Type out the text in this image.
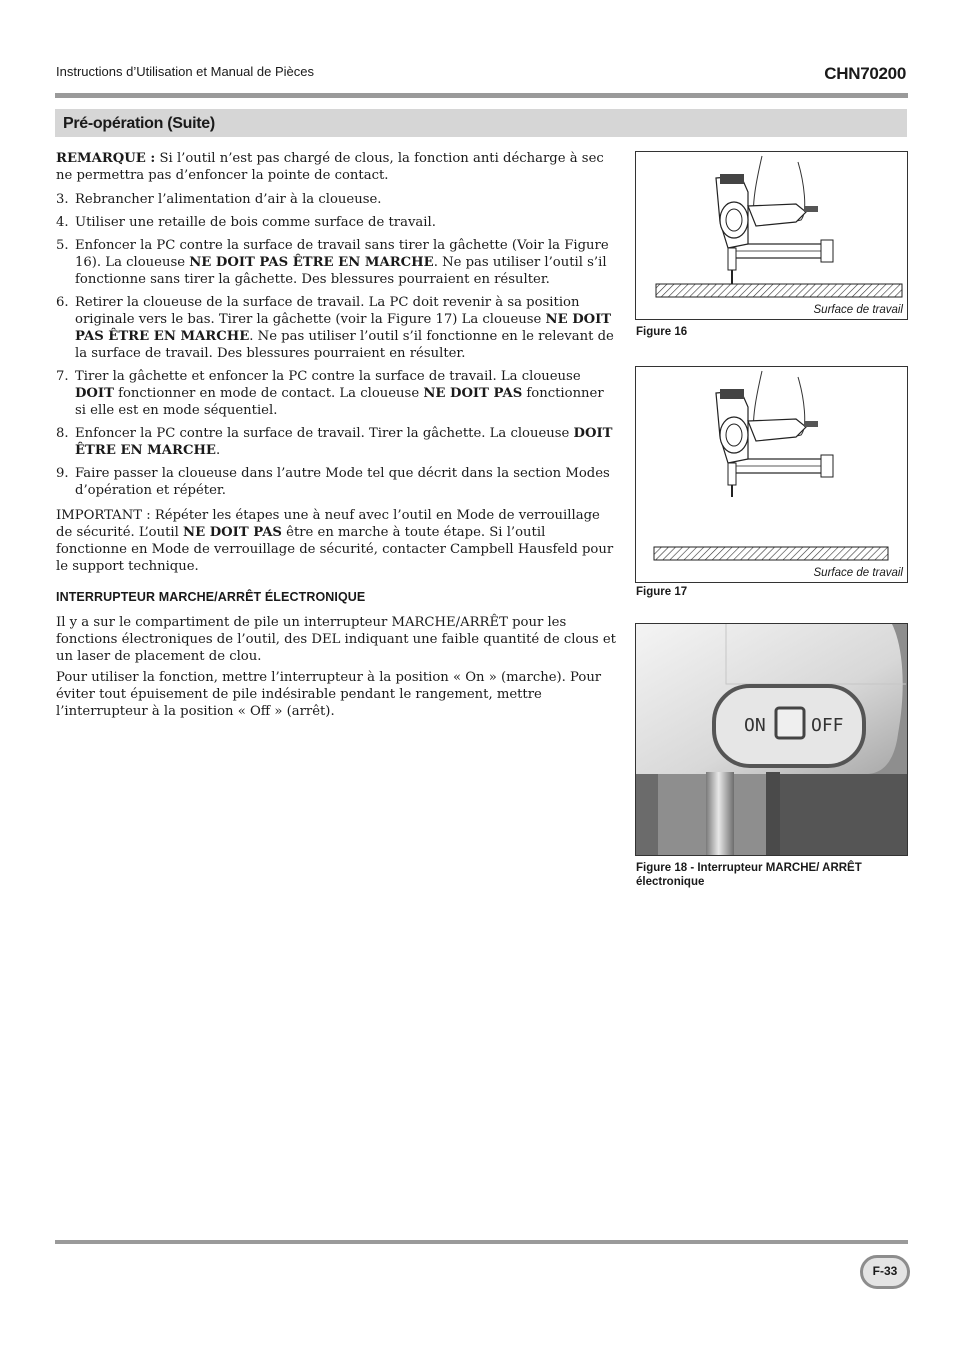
Instructions d’Utilisation et Manual de Pièces	CHN70200
Pré-opération (Suite)

REMARQUE : Si l’outil n’est pas chargé de clous, la fonction anti décharge à sec ne permettra pas d’enfoncer la pointe de contact.

3. Rebrancher l’alimentation d’air à la cloueuse.
4. Utiliser une retaille de bois comme surface de travail.
5. Enfoncer la PC contre la surface de travail sans tirer la gâchette (Voir la Figure 16). La cloueuse NE DOIT PAS ÊTRE EN MARCHE. Ne pas utiliser l’outil s’il fonctionne sans tirer la gâchette. Des blessures pourraient en résulter.
6. Retirer la cloueuse de la surface de travail. La PC doit revenir à sa position originale vers le bas. Tirer la gâchette (voir la Figure 17) La cloueuse NE DOIT PAS ÊTRE EN MARCHE. Ne pas utiliser l’outil s’il fonctionne en le relevant de la surface de travail. Des blessures pourraient en résulter.
7. Tirer la gâchette et enfoncer la PC contre la surface de travail. La cloueuse DOIT fonctionner en mode de contact. La cloueuse NE DOIT PAS fonctionner si elle est en mode séquentiel.
8. Enfoncer la PC contre la surface de travail. Tirer la gâchette. La cloueuse DOIT ÊTRE EN MARCHE.
9. Faire passer la cloueuse dans l’autre Mode tel que décrit dans la section Modes d’opération et répéter.

IMPORTANT : Répéter les étapes une à neuf avec l’outil en Mode de verrouillage de sécurité. L’outil NE DOIT PAS être en marche à toute étape. Si l’outil fonctionne en Mode de verrouillage de sécurité, contacter Campbell Hausfeld pour le support technique.

INTERRUPTEUR MARCHE/ARRÊT ÉLECTRONIQUE

Il y a sur le compartiment de pile un interrupteur MARCHE/ARRÊT pour les fonctions électroniques de l’outil, des DEL indiquant une faible quantité de clous et un laser de placement de clou.

Pour utiliser la fonction, mettre l’interrupteur à la position « On » (marche). Pour éviter tout épuisement de pile indésirable pendant le rangement, mettre l’interrupteur à la position « Off » (arrêt).

Surface de travail
Figure 16
Surface de travail
Figure 17
ON	OFF
Figure 18 - Interrupteur MARCHE/ ARRÊT électronique
F-33
